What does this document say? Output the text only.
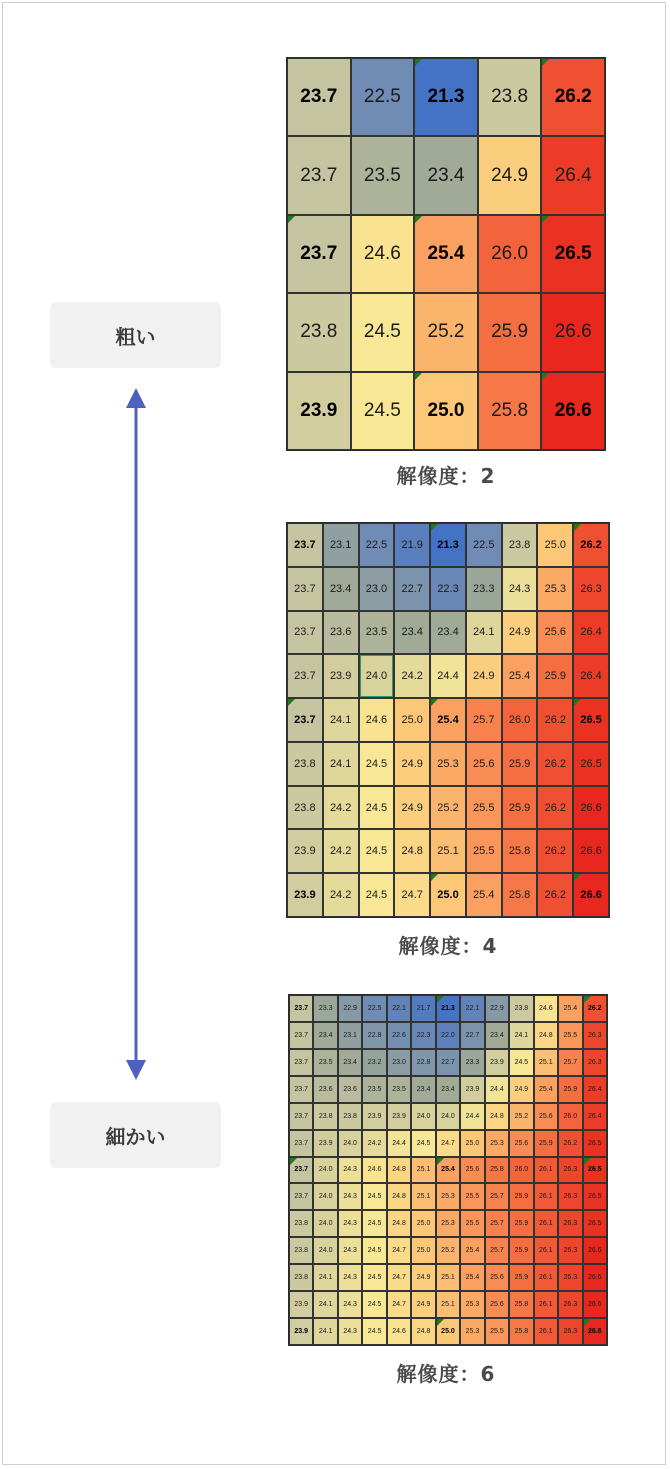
粗い
細かい
23.7	22.5	21.3	23.8	26.2
23.7	23.5	23.4	24.9	26.4
23.7	24.6	25.4	26.0	26.5
23.8	24.5	25.2	25.9	26.6
23.9	24.5	25.0	25.8	26.6
解像度：2
23.7	23.1	22.5	21.9	21.3	22.5	23.8	25.0	26.2
23.7	23.4	23.0	22.7	22.3	23.3	24.3	25.3	26.3
23.7	23.6	23.5	23.4	23.4	24.1	24.9	25.6	26.4
23.7	23.9	24.0	24.2	24.4	24.9	25.4	25.9	26.4
23.7	24.1	24.6	25.0	25.4	25.7	26.0	26.2	26.5
23.8	24.1	24.5	24.9	25.3	25.6	25.9	26.2	26.5
23.8	24.2	24.5	24.9	25.2	25.5	25.9	26.2	26.6
23.9	24.2	24.5	24.8	25.1	25.5	25.8	26.2	26.6
23.9	24.2	24.5	24.7	25.0	25.4	25.8	26.2	26.6
解像度：4
23.7	23.3	22.9	22.5	22.1	21.7	21.3	22.1	22.9	23.8	24.6	25.4	26.2
23.7	23.4	23.1	22.8	22.6	22.3	22.0	22.7	23.4	24.1	24.8	25.5	26.3
23.7	23.5	23.4	23.2	23.0	22.8	22.7	23.3	23.9	24.5	25.1	25.7	26.3
23.7	23.6	23.6	23.5	23.5	23.4	23.4	23.9	24.4	24.9	25.4	25.9	26.4
23.7	23.8	23.8	23.9	23.9	24.0	24.0	24.4	24.8	25.2	25.6	26.0	26.4
23.7	23.9	24.0	24.2	24.4	24.5	24.7	25.0	25.3	25.6	25.9	26.2	26.5
23.7	24.0	24.3	24.6	24.8	25.1	25.4	25.6	25.8	26.0	26.1	26.3	26.5
23.7	24.0	24.3	24.5	24.8	25.1	25.3	25.5	25.7	25.9	26.1	26.3	26.5
23.8	24.0	24.3	24.5	24.8	25.0	25.3	25.5	25.7	25.9	26.1	26.3	26.5
23.8	24.0	24.3	24.5	24.7	25.0	25.2	25.4	25.7	25.9	26.1	26.3	26.6
23.8	24.1	24.3	24.5	24.7	24.9	25.1	25.4	25.6	25.9	26.1	26.3	26.6
23.9	24.1	24.3	24.5	24.7	24.9	25.1	25.3	25.6	25.8	26.1	26.3	26.6
23.9	24.1	24.3	24.5	24.6	24.8	25.0	25.3	25.5	25.8	26.1	26.3	26.6
解像度：6
